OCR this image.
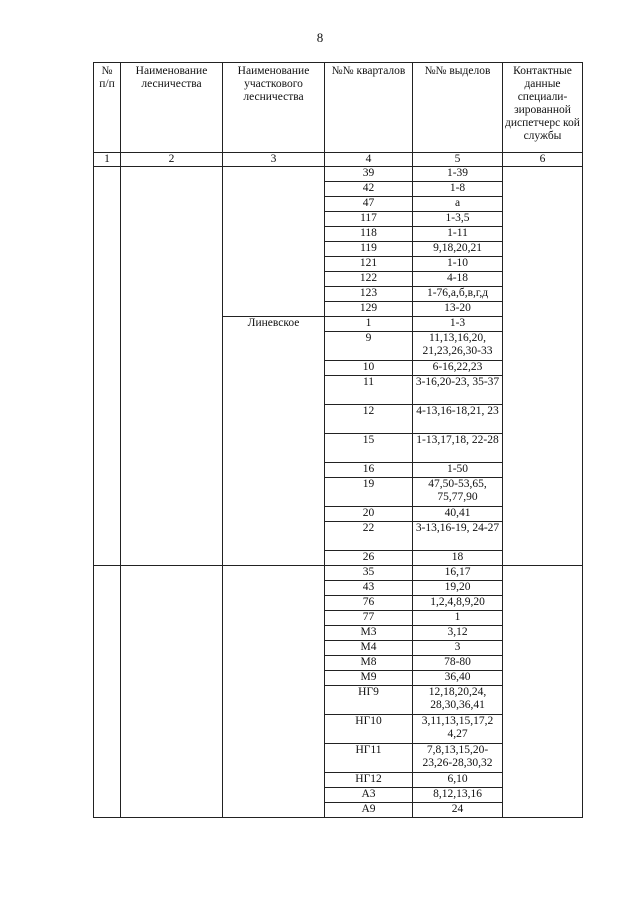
8
№
п/п	Наименование лесничества	Наименование участкового лесничества	№№ кварталов	№№ выделов	Контактные данные специали-зированной диспетчерс кой службы
1	2	3	4	5	6
			39	1-39	
			42	1-8	
			47	а	
			117	1-3,5	
			118	1-11	
			119	9,18,20,21	
			121	1-10	
			122	4-18	
			123	1-76,а,б,в,г,д	
			129	13-20	
		Линевское	1	1-3	
			9	11,13,16,20, 21,23,26,30-33	
			10	6-16,22,23	
			11	3-16,20-23, 35-37	
			12	4-13,16-18,21, 23	
			15	1-13,17,18, 22-28	
			16	1-50	
			19	47,50-53,65, 75,77,90	
			20	40,41	
			22	3-13,16-19, 24-27	
			26	18	
			35	16,17	
			43	19,20	
			76	1,2,4,8,9,20	
			77	1	
			М3	3,12	
			М4	3	
			М8	78-80	
			М9	36,40	
			НГ9	12,18,20,24, 28,30,36,41	
			НГ10	3,11,13,15,17,2 4,27	
			НГ11	7,8,13,15,20- 23,26-28,30,32	
			НГ12	6,10	
			А3	8,12,13,16	
			А9	24	
